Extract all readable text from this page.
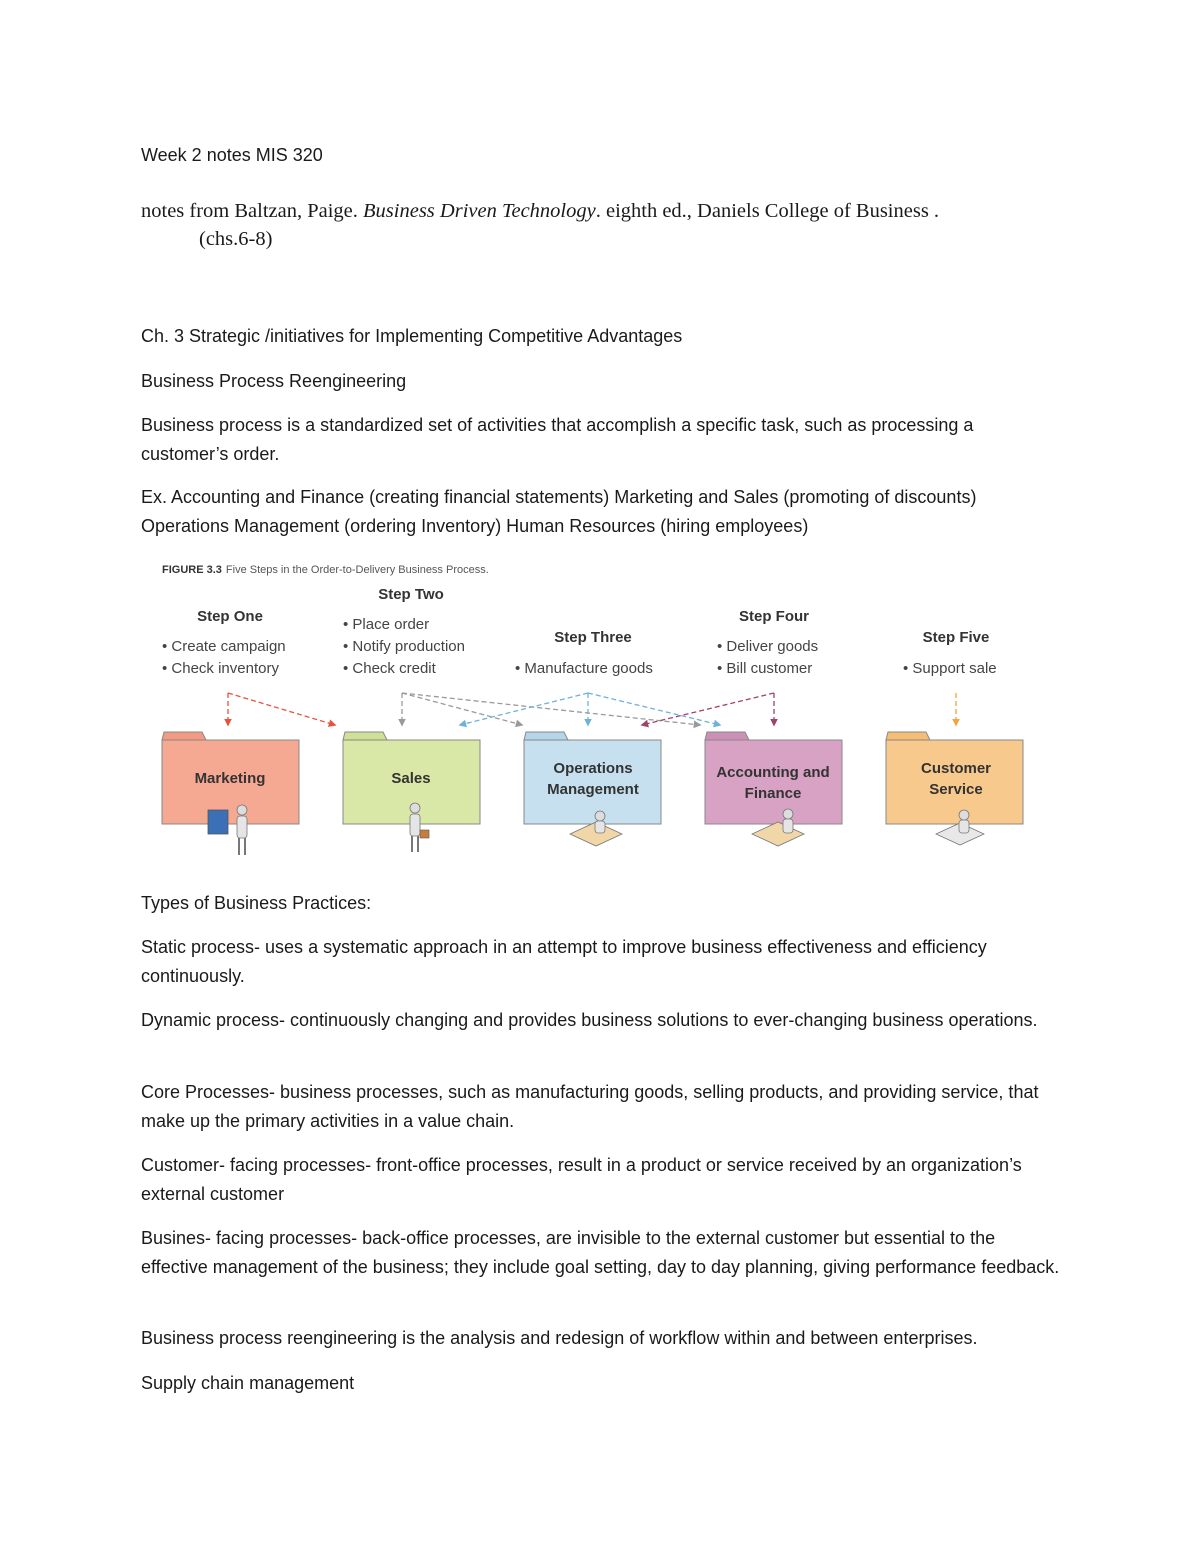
Week 2 notes MIS 320

notes from Baltzan, Paige. Business Driven Technology. eighth ed., Daniels College of Business .
(chs.6-8)

Ch. 3 Strategic /initiatives for Implementing Competitive Advantages

Business Process Reengineering

Business process is a standardized set of activities that accomplish a specific task, such as processing a customer’s order.

Ex. Accounting and Finance (creating financial statements) Marketing and Sales (promoting of discounts) Operations Management (ordering Inventory) Human Resources (hiring employees)

FIGURE 3.3 Five Steps in the Order-to-Delivery Business Process.
Step One
Step Two
Step Three
Step Four
Step Five
• Create campaign
• Check inventory
• Place order
• Notify production
• Check credit	• Manufacture goods
• Deliver goods
• Bill customer	• Support sale
Marketing	Sales
Operations
Management
Accounting and
Finance
Customer
Service

Types of Business Practices:

Static process- uses a systematic approach in an attempt to improve business effectiveness and efficiency continuously.

Dynamic process- continuously changing and provides business solutions to ever-changing business operations.

Core Processes- business processes, such as manufacturing goods, selling products, and providing service, that make up the primary activities in a value chain.

Customer- facing processes- front-office processes, result in a product or service received by an organization’s external customer

Busines- facing processes- back-office processes, are invisible to the external customer but essential to the effective management of the business; they include goal setting, day to day planning, giving performance feedback.

Business process reengineering is the analysis and redesign of workflow within and between enterprises.

Supply chain management
